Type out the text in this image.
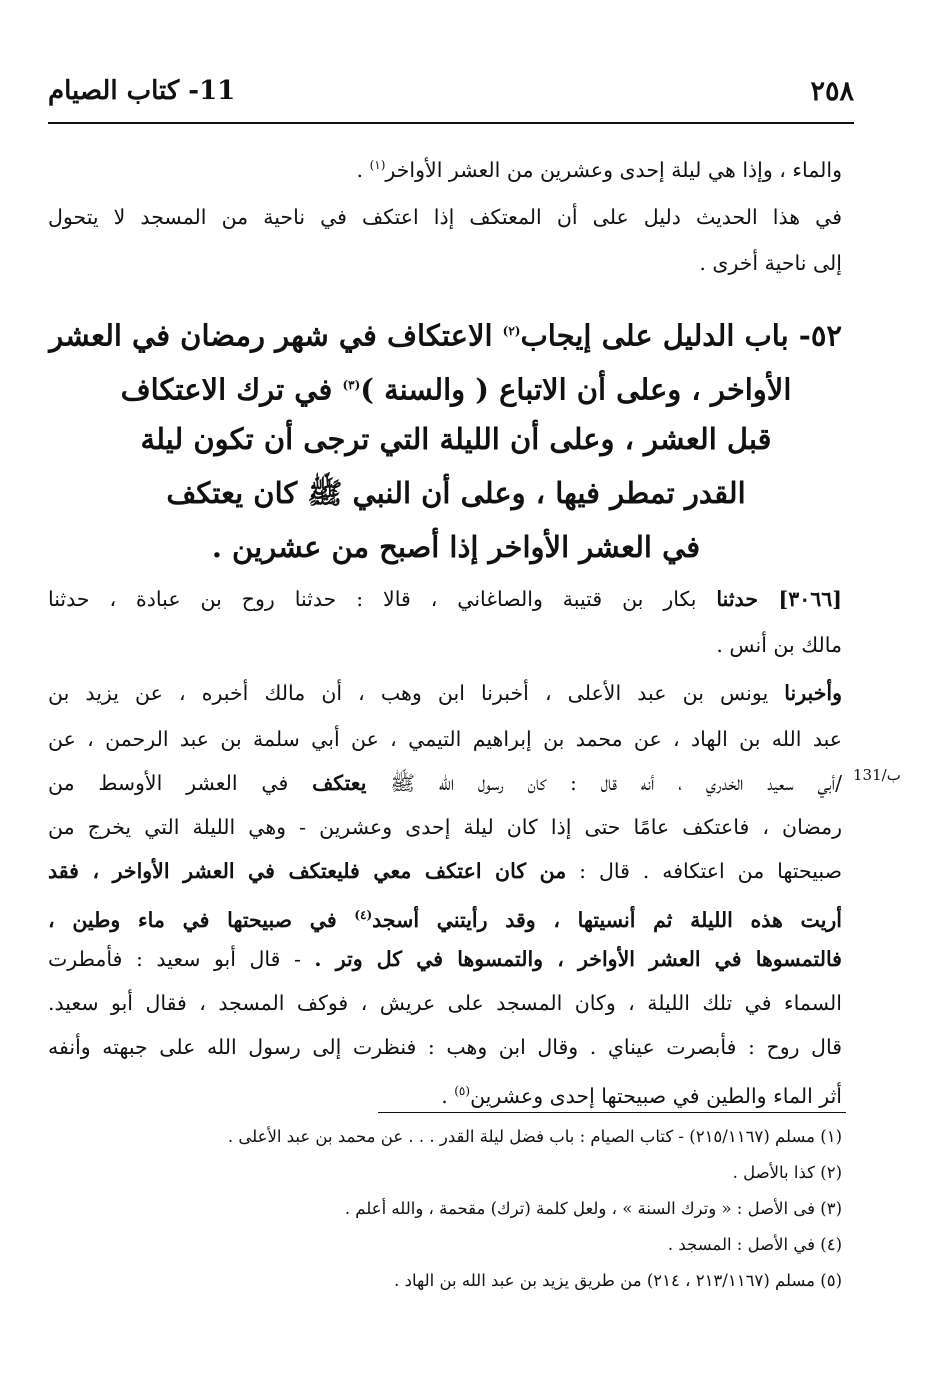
٢٥٨
11- كتاب الصيام
والماء ، وإذا هي ليلة إحدى وعشرين من العشر الأواخر$^{(١)}$ .
في هذا الحديث دليل على أن المعتكف إذا اعتكف في ناحية من المسجد لا يتحول
إلى ناحية أخرى .
٥٢- باب الدليل على إيجاب$^{(٢)}$ الاعتكاف في شهر رمضان في العشر
الأواخر ، وعلى أن الاتباع ( والسنة )$^{(٣)}$ في ترك الاعتكاف
قبل العشر ، وعلى أن الليلة التي ترجى أن تكون ليلة
القدر تمطر فيها ، وعلى أن النبي ﷺ كان يعتكف
في العشر الأواخر إذا أصبح من عشرين .
[٣٠٦٦] حدثنا بكار بن قتيبة والصاغاني ، قالا : حدثنا روح بن عبادة ، حدثنا
مالك بن أنس .
وأخبرنا يونس بن عبد الأعلى ، أخبرنا ابن وهب ، أن مالك أخبره ، عن يزيد بن
عبد الله بن الهاد ، عن محمد بن إبراهيم التيمي ، عن أبي سلمة بن عبد الرحمن ، عن
/أبي سعيد الخدري ، أنه قال : كان رسول الله ﷺ يعتكف في العشر الأوسط من
رمضان ، فاعتكف عامًا حتى إذا كان ليلة إحدى وعشرين - وهي الليلة التي يخرج من
صبيحتها من اعتكافه . قال : من كان اعتكف معي فليعتكف في العشر الأواخر ، فقد
أريت هذه الليلة ثم أنسيتها ، وقد رأيتني أسجد$^{(٤)}$ في صبيحتها في ماء وطين ،
فالتمسوها في العشر الأواخر ، والتمسوها في كل وتر . - قال أبو سعيد : فأمطرت
السماء في تلك الليلة ، وكان المسجد على عريش ، فوكف المسجد ، فقال أبو سعيد.
قال روح : فأبصرت عيناي . وقال ابن وهب : فنظرت إلى رسول الله على جبهته وأنفه
أثر الماء والطين في صبيحتها إحدى وعشرين$^{(٥)}$ .
131/ب
(١) مسلم (٢١٥/١١٦٧) - كتاب الصيام : باب فضل ليلة القدر . . . عن محمد بن عبد الأعلى .
(٢) كذا بالأصل .
(٣) فى الأصل : « وترك السنة » ، ولعل كلمة (ترك) مقحمة ، والله أعلم .
(٤) في الأصل : المسجد .
(٥) مسلم (٢١٣/١١٦٧ ، ٢١٤) من طريق يزيد بن عبد الله بن الهاد .
